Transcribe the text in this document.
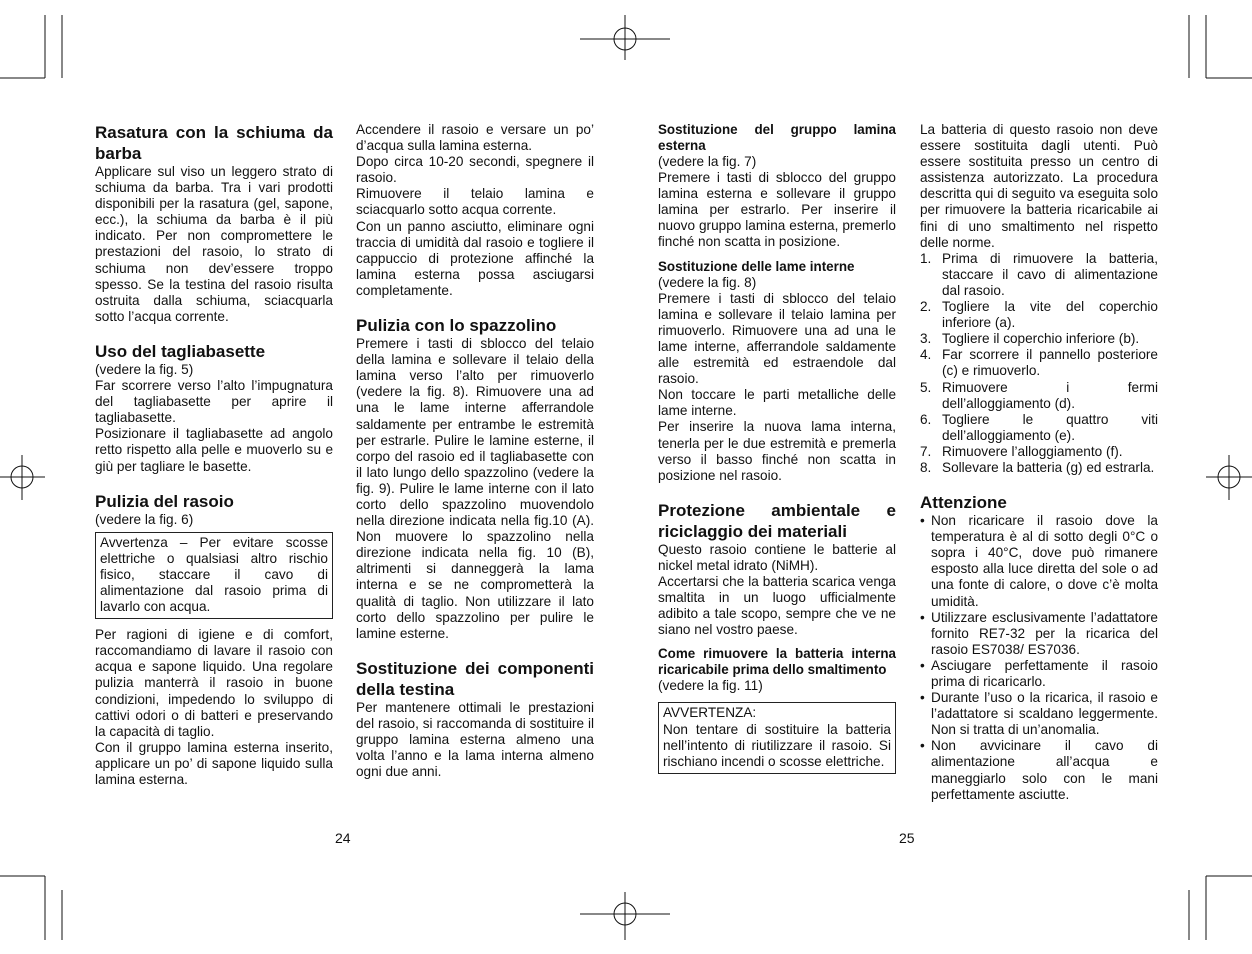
Rasatura con la schiuma da barba

Applicare sul viso un leggero strato di schiuma da barba. Tra i vari prodotti disponibili per la rasatura (gel, sapone, ecc.), la schiuma da barba è il più indicato. Per non compromettere le prestazioni del rasoio, lo strato di schiuma non dev’essere troppo spesso. Se la testina del rasoio risulta ostruita dalla schiuma, sciacquarla sotto l’acqua corrente.

Uso del tagliabasette

(vedere la fig. 5)

Far scorrere verso l’alto l’impugnatura del tagliabasette per aprire il tagliabasette.

Posizionare il tagliabasette ad angolo retto rispetto alla pelle e muoverlo su e giù per tagliare le basette.

Pulizia del rasoio

(vedere la fig. 6)

Avvertenza – Per evitare scosse elettriche o qualsiasi altro rischio fisico, staccare il cavo di alimentazione dal rasoio prima di lavarlo con acqua.

Per ragioni di igiene e di comfort, raccomandiamo di lavare il rasoio con acqua e sapone liquido. Una regolare pulizia manterrà il rasoio in buone condizioni, impedendo lo sviluppo di cattivi odori o di batteri e preservando la capacità di taglio.

Con il gruppo lamina esterna inserito, applicare un po’ di sapone liquido sulla lamina esterna.

Accendere il rasoio e versare un po’ d’acqua sulla lamina esterna.

Dopo circa 10-20 secondi, spegnere il rasoio.

Rimuovere il telaio lamina e sciacquarlo sotto acqua corrente.

Con un panno asciutto, eliminare ogni traccia di umidità dal rasoio e togliere il cappuccio di protezione affinché la lamina esterna possa asciugarsi completamente.

Pulizia con lo spazzolino

Premere i tasti di sblocco del telaio della lamina e sollevare il telaio della lamina verso l’alto per rimuoverlo (vedere la fig. 8). Rimuovere una ad una le lame interne afferrandole saldamente per entrambe le estremità per estrarle. Pulire le lamine esterne, il corpo del rasoio ed il tagliabasette con il lato lungo dello spazzolino (vedere la fig. 9). Pulire le lame interne con il lato corto dello spazzolino muovendolo nella direzione indicata nella fig.10 (A). Non muovere lo spazzolino nella direzione indicata nella fig. 10 (B), altrimenti si danneggerà la lama interna e se ne comprometterà la qualità di taglio. Non utilizzare il lato corto dello spazzolino per pulire le lamine esterne.

Sostituzione dei componenti della testina

Per mantenere ottimali le prestazioni del rasoio, si raccomanda di sostituire il gruppo lamina esterna almeno una volta l’anno e la lama interna almeno ogni due anni.

24
Sostituzione del gruppo lamina esterna

(vedere la fig. 7)

Premere i tasti di sblocco del gruppo lamina esterna e sollevare il gruppo lamina per estrarlo. Per inserire il nuovo gruppo lamina esterna, premerlo finché non scatta in posizione.

Sostituzione delle lame interne

(vedere la fig. 8)

Premere i tasti di sblocco del telaio lamina e sollevare il telaio lamina per rimuoverlo. Rimuovere una ad una le lame interne, afferrandole saldamente alle estremità ed estraendole dal rasoio.

Non toccare le parti metalliche delle lame interne.

Per inserire la nuova lama interna, tenerla per le due estremità e premerla verso il basso finché non scatta in posizione nel rasoio.

Protezione ambientale e riciclaggio dei materiali

Questo rasoio contiene le batterie al nickel metal idrato (NiMH).

Accertarsi che la batteria scarica venga smaltita in un luogo ufficialmente adibito a tale scopo, sempre che ve ne siano nel vostro paese.

Come rimuovere la batteria interna ricaricabile prima dello smaltimento

(vedere la fig. 11)

AVVERTENZA:

Non tentare di sostituire la batteria nell’intento di riutilizzare il rasoio. Si rischiano incendi o scosse elettriche.

La batteria di questo rasoio non deve essere sostituita dagli utenti. Può essere sostituita presso un centro di assistenza autorizzato. La procedura descritta qui di seguito va eseguita solo per rimuovere la batteria ricaricabile ai fini di uno smaltimento nel rispetto delle norme.

1. Prima di rimuovere la batteria, staccare il cavo di alimentazione dal rasoio.
2. Togliere la vite del coperchio inferiore (a).
3. Togliere il coperchio inferiore (b).
4. Far scorrere il pannello posteriore (c) e rimuoverlo.
5. Rimuovere i fermi dell’alloggiamento (d).
6. Togliere le quattro viti dell’alloggiamento (e).
7. Rimuovere l’alloggiamento (f).
8. Sollevare la batteria (g) ed estrarla.
Attenzione
• Non ricaricare il rasoio dove la temperatura è al di sotto degli 0°C o sopra i 40°C, dove può rimanere esposto alla luce diretta del sole o ad una fonte di calore, o dove c’è molta umidità.
• Utilizzare esclusivamente l’adattatore fornito RE7-32 per la ricarica del rasoio ES7038/ ES7036.
• Asciugare perfettamente il rasoio prima di ricaricarlo.
• Durante l’uso o la ricarica, il rasoio e l’adattatore si scaldano leggermente. Non si tratta di un’anomalia.
• Non avvicinare il cavo di alimentazione all’acqua e maneggiarlo solo con le mani perfettamente asciutte.
25
